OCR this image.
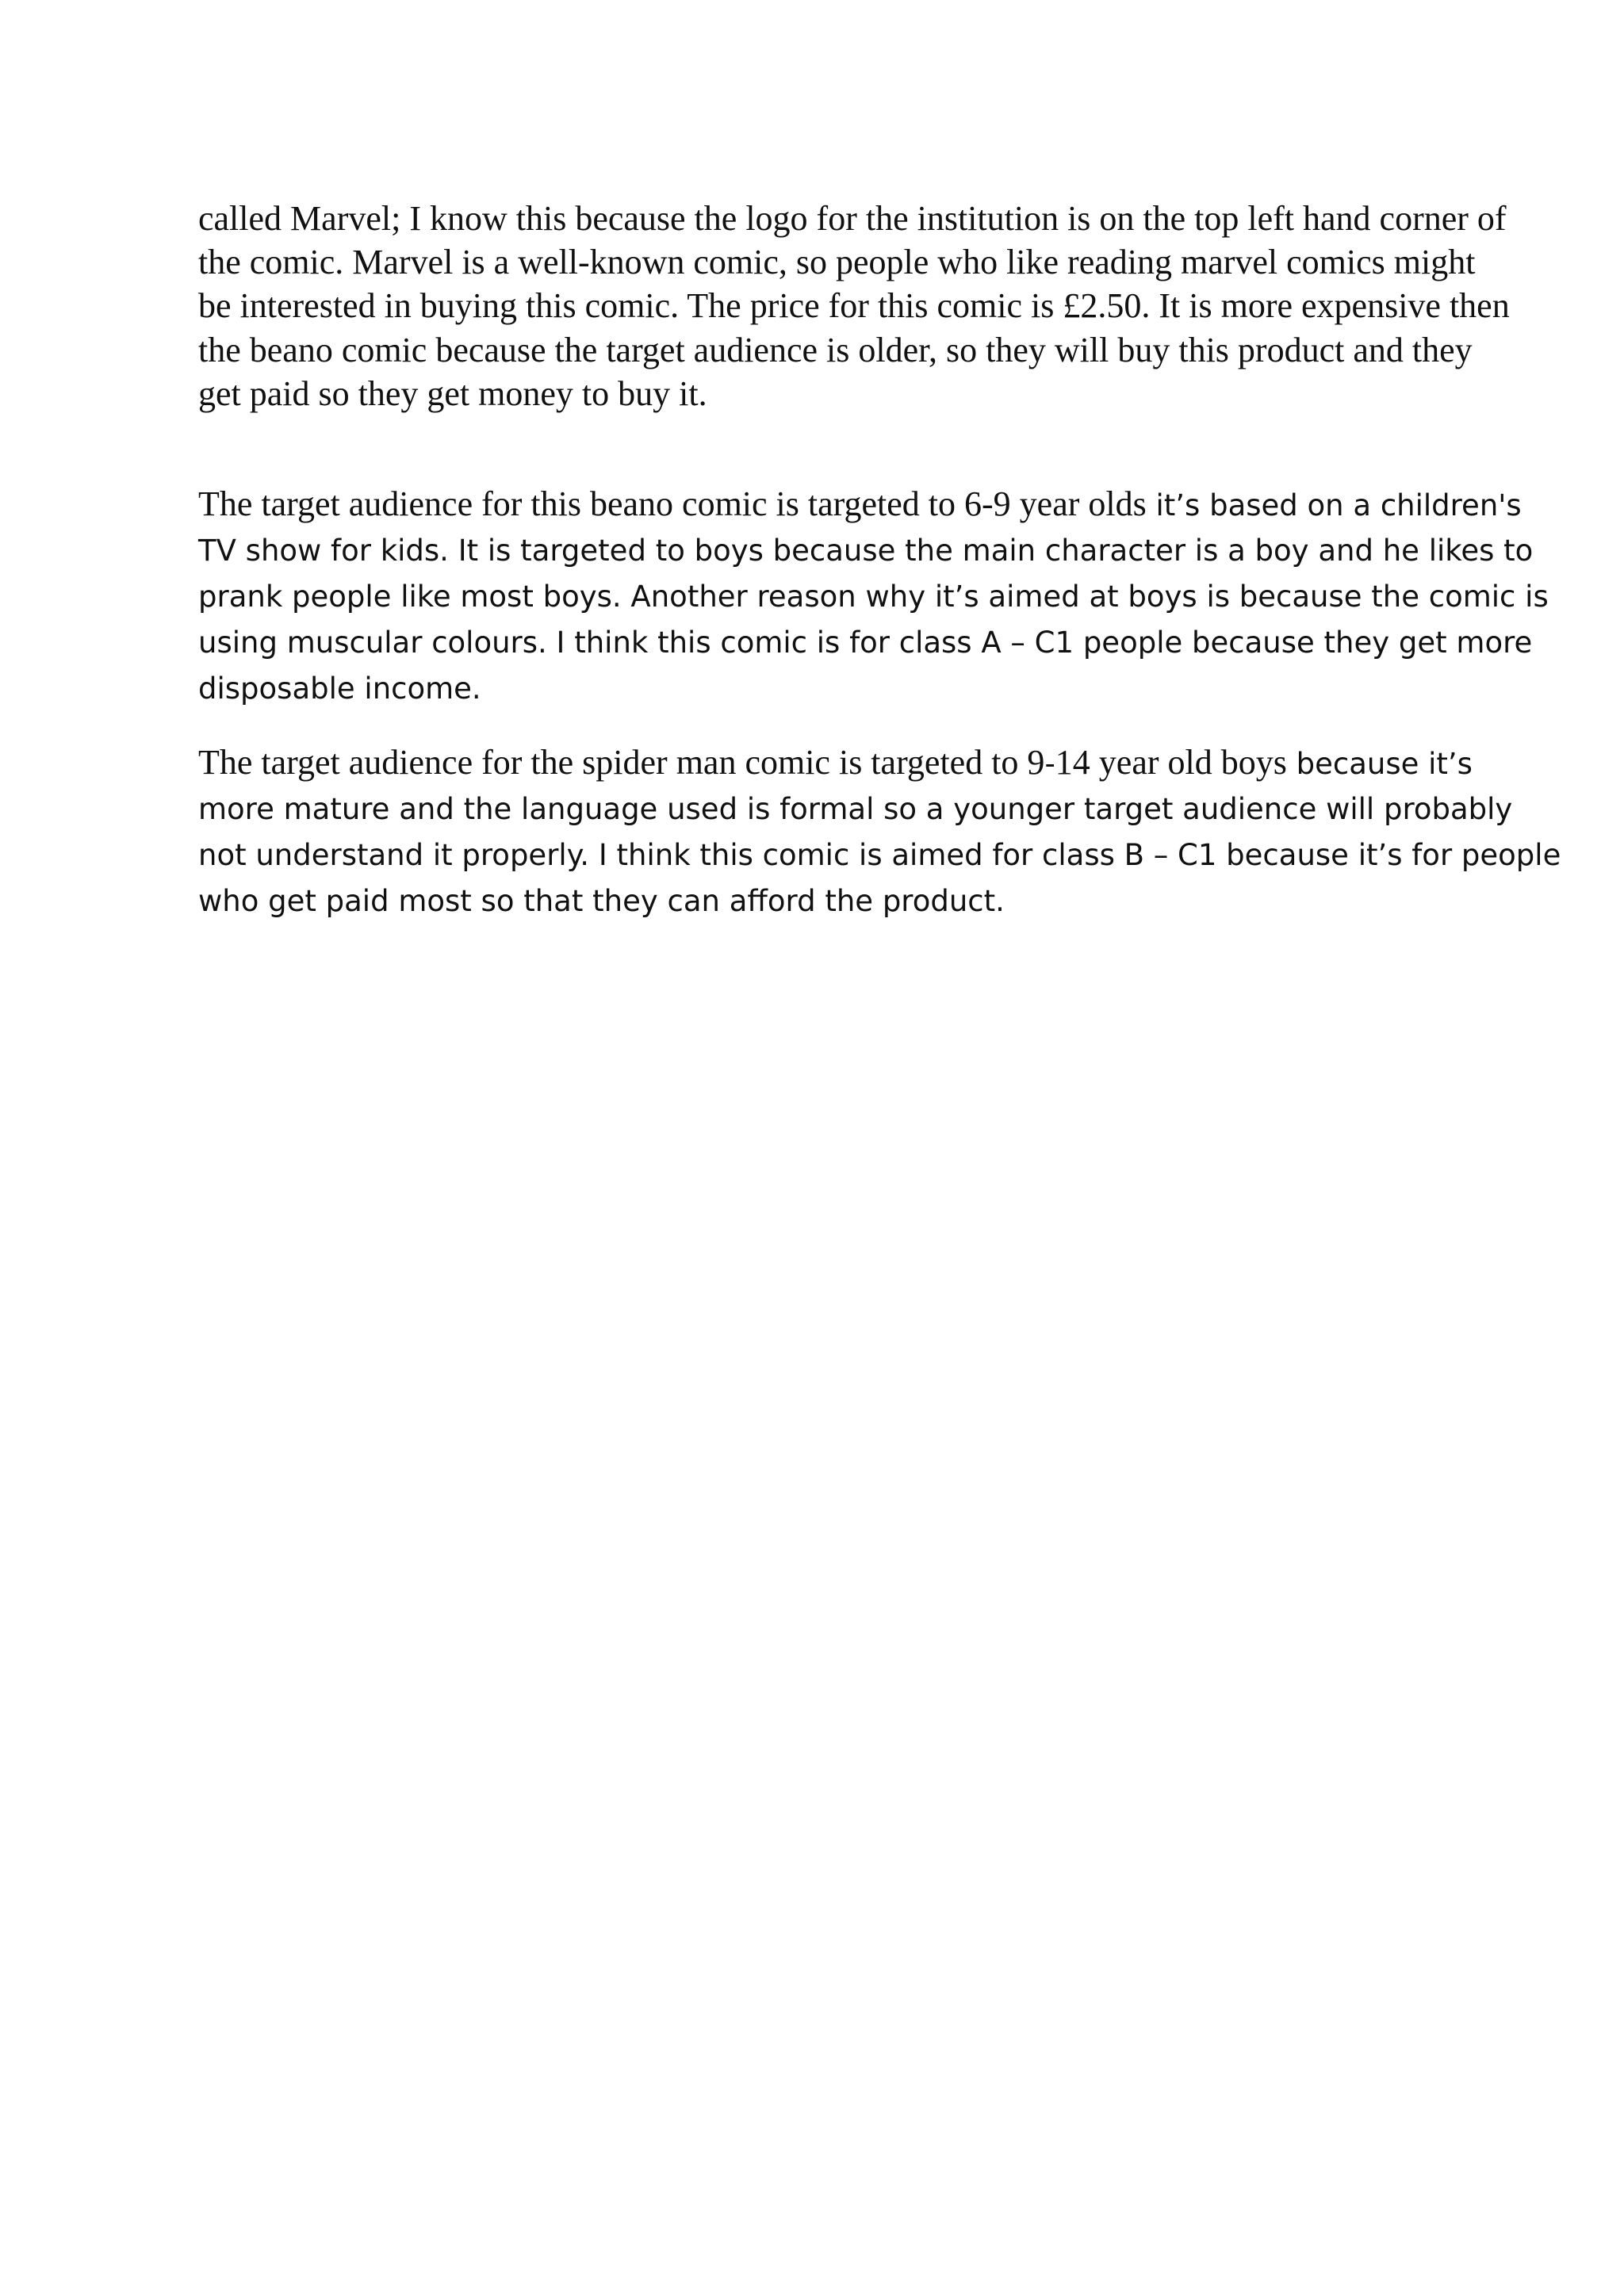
called Marvel; I know this because the logo for the institution is on the top left hand corner of

the comic. Marvel is a well-known comic, so people who like reading marvel comics might

be interested in buying this comic. The price for this comic is £2.50. It is more expensive then

the beano comic because the target audience is older, so they will buy this product and they

get paid so they get money to buy it.

The target audience for this beano comic is targeted to 6-9 year olds it’s based on a children's

TV show for kids. It is targeted to boys because the main character is a boy and he likes to

prank people like most boys. Another reason why it’s aimed at boys is because the comic is

using muscular colours. I think this comic is for class A – C1 people because they get more

disposable income.

The target audience for the spider man comic is targeted to 9-14 year old boys because it’s

more mature and the language used is formal so a younger target audience will probably

not understand it properly. I think this comic is aimed for class B – C1 because it’s for people

who get paid most so that they can afford the product.
